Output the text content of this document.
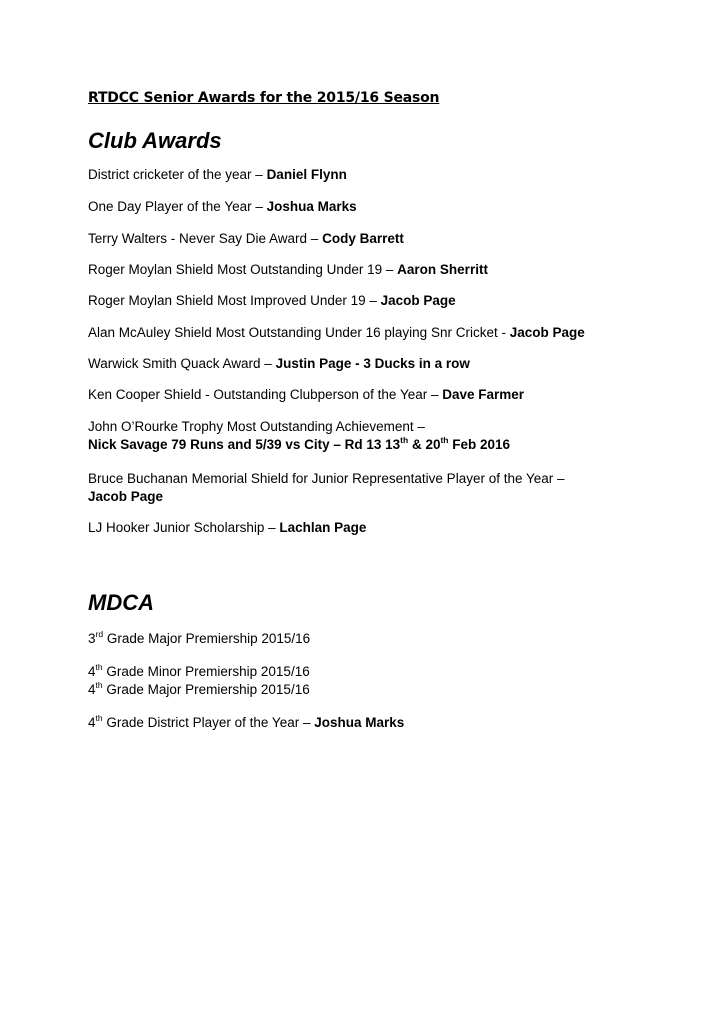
RTDCC Senior Awards for the 2015/16 Season
Club Awards
District cricketer of the year – Daniel Flynn
One Day Player of the Year – Joshua Marks
Terry Walters - Never Say Die Award – Cody Barrett
Roger Moylan Shield Most Outstanding Under 19 – Aaron Sherritt
Roger Moylan Shield Most Improved Under 19 – Jacob Page
Alan McAuley Shield Most Outstanding Under 16 playing Snr Cricket - Jacob Page
Warwick Smith Quack Award – Justin Page - 3 Ducks in a row
Ken Cooper Shield - Outstanding Clubperson of the Year – Dave Farmer
John O’Rourke Trophy Most Outstanding Achievement –
Nick Savage 79 Runs and 5/39 vs City – Rd 13 13th & 20th Feb 2016
Bruce Buchanan Memorial Shield for Junior Representative Player of the Year –
Jacob Page
LJ Hooker Junior Scholarship – Lachlan Page
MDCA
3rd Grade Major Premiership 2015/16
4th Grade Minor Premiership 2015/16
4th Grade Major Premiership 2015/16
4th Grade District Player of the Year – Joshua Marks
